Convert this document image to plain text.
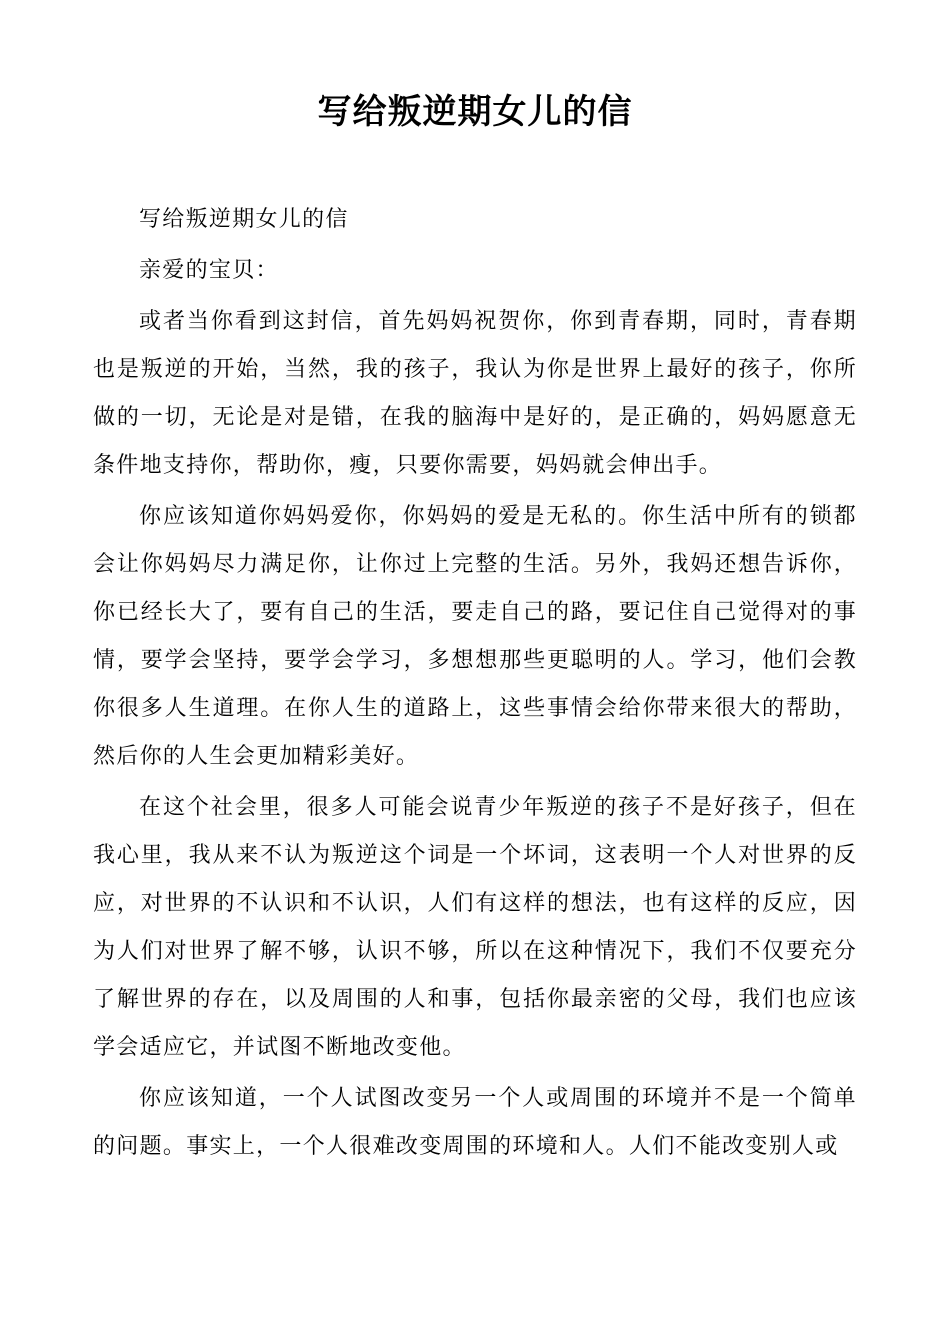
写给叛逆期女儿的信

写给叛逆期女儿的信

亲爱的宝贝：

或者当你看到这封信，首先妈妈祝贺你，你到青春期，同时，青春期也是叛逆的开始，当然，我的孩子，我认为你是世界上最好的孩子，你所做的一切，无论是对是错，在我的脑海中是好的，是正确的，妈妈愿意无条件地支持你，帮助你，瘦，只要你需要，妈妈就会伸出手。

你应该知道你妈妈爱你，你妈妈的爱是无私的。你生活中所有的锁都会让你妈妈尽力满足你，让你过上完整的生活。另外，我妈还想告诉你，你已经长大了，要有自己的生活，要走自己的路，要记住自己觉得对的事情，要学会坚持，要学会学习，多想想那些更聪明的人。学习，他们会教你很多人生道理。在你人生的道路上，这些事情会给你带来很大的帮助，然后你的人生会更加精彩美好。

在这个社会里，很多人可能会说青少年叛逆的孩子不是好孩子，但在我心里，我从来不认为叛逆这个词是一个坏词，这表明一个人对世界的反应，对世界的不认识和不认识，人们有这样的想法，也有这样的反应，因为人们对世界了解不够，认识不够，所以在这种情况下，我们不仅要充分了解世界的存在，以及周围的人和事，包括你最亲密的父母，我们也应该学会适应它，并试图不断地改变他。

你应该知道，一个人试图改变另一个人或周围的环境并不是一个简单的问题。事实上，一个人很难改变周围的环境和人。人们不能改变别人或
